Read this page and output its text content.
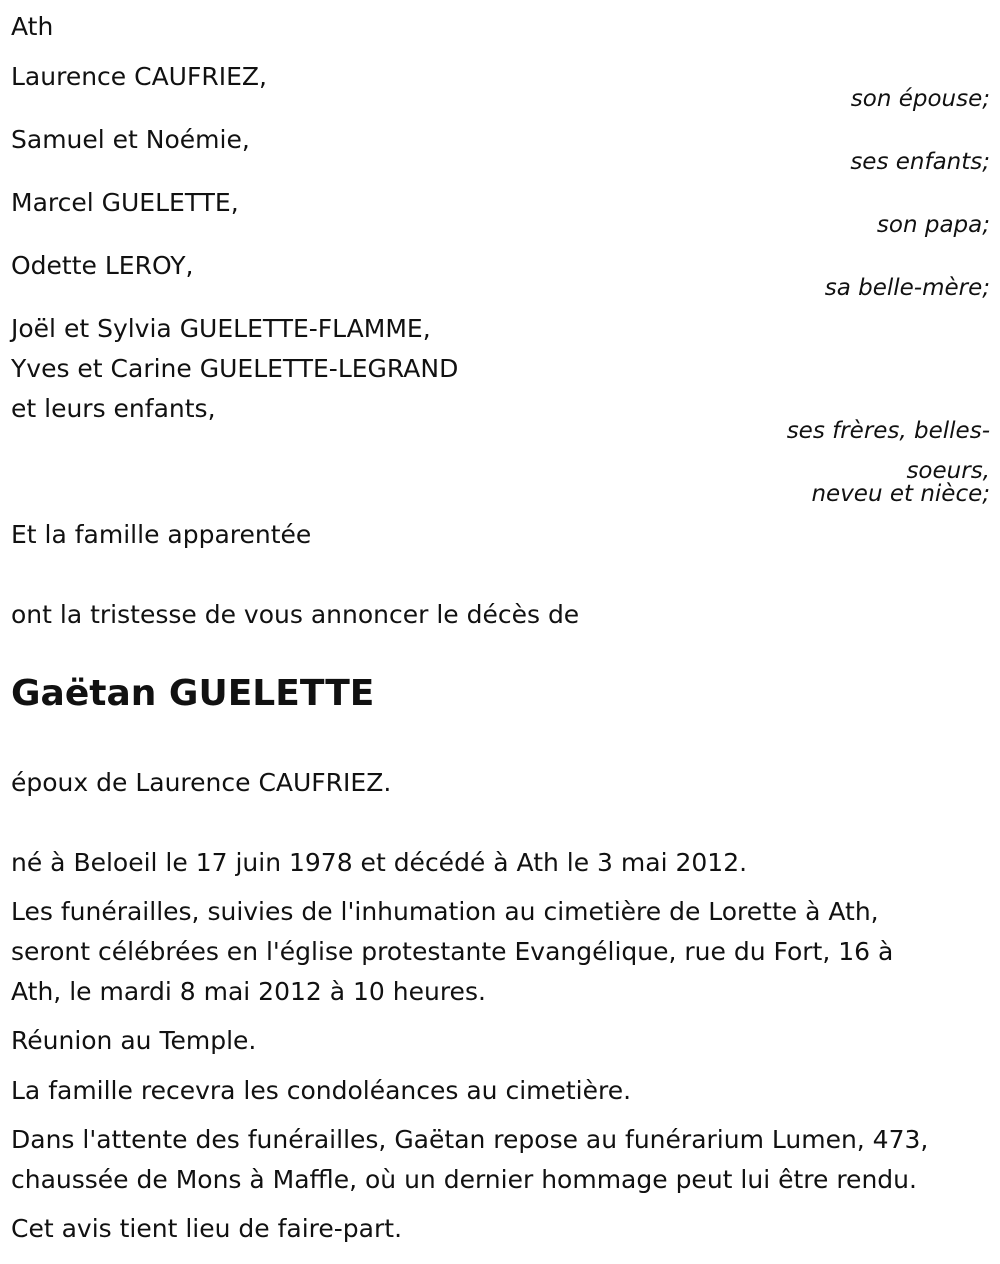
Ath
Laurence CAUFRIEZ,
son épouse;
Samuel et Noémie,
ses enfants;
Marcel GUELETTE,
son papa;
Odette LEROY,
sa belle-mère;
Joël et Sylvia GUELETTE-FLAMME,
Yves et Carine GUELETTE-LEGRAND
et leurs enfants,
ses frères, belles-
soeurs,
neveu et nièce;
Et la famille apparentée
ont la tristesse de vous annoncer le décès de
Gaëtan GUELETTE
époux de Laurence CAUFRIEZ.
né à Beloeil le 17 juin 1978 et décédé à Ath le 3 mai 2012.
Les funérailles, suivies de l'inhumation au cimetière de Lorette à Ath,
seront célébrées en l'église protestante Evangélique, rue du Fort, 16 à
Ath, le mardi 8 mai 2012 à 10 heures.
Réunion au Temple.
La famille recevra les condoléances au cimetière.
Dans l'attente des funérailles, Gaëtan repose au funérarium Lumen, 473,
chaussée de Mons à Maffle, où un dernier hommage peut lui être rendu.
Cet avis tient lieu de faire-part.
